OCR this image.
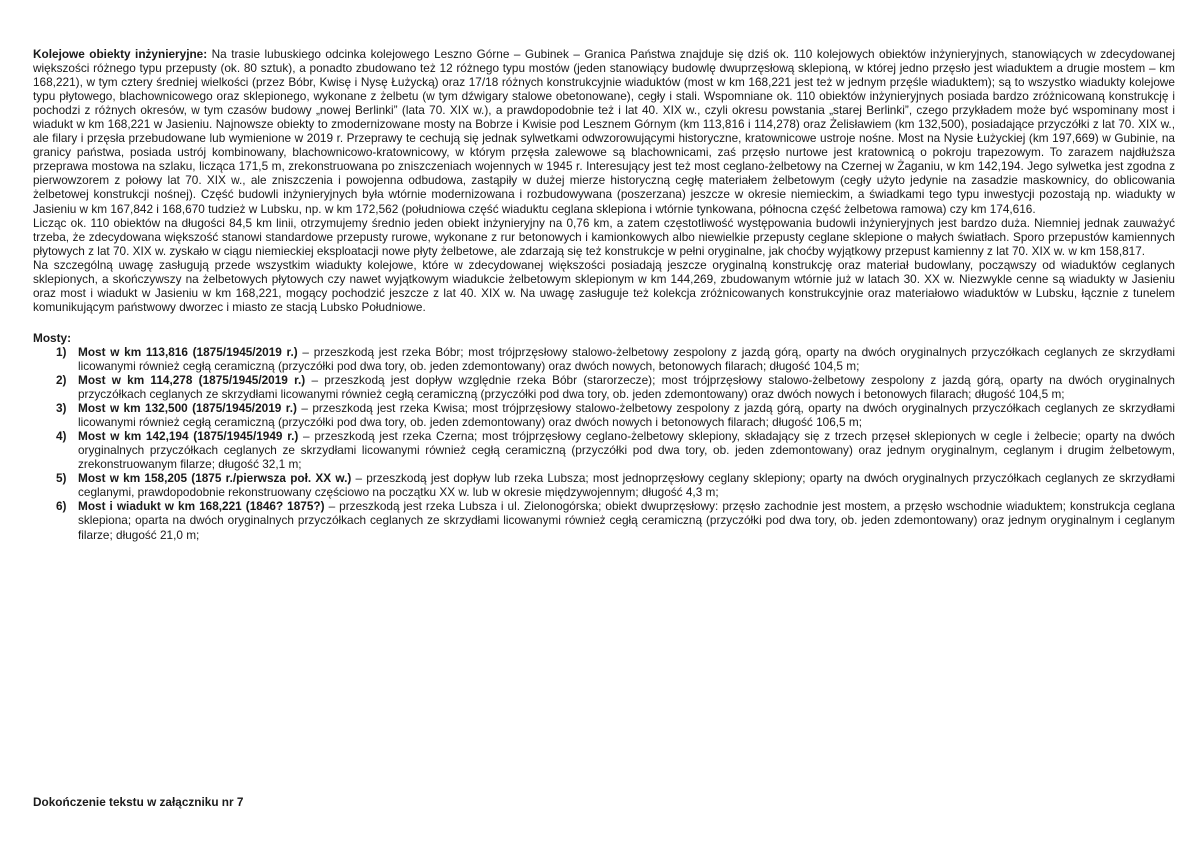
Kolejowe obiekty inżynieryjne: Na trasie lubuskiego odcinka kolejowego Leszno Górne – Gubinek – Granica Państwa znajduje się dziś ok. 110 kolejowych obiektów inżynieryjnych, stanowiących w zdecydowanej większości różnego typu przepusty (ok. 80 sztuk), a ponadto zbudowano też 12 różnego typu mostów (jeden stanowiący budowlę dwuprzęsłową sklepioną, w której jedno przęsło jest wiaduktem a drugie mostem – km 168,221), w tym cztery średniej wielkości (przez Bóbr, Kwisę i Nysę Łużycką) oraz 17/18 różnych konstrukcyjnie wiaduktów (most w km 168,221 jest też w jednym przęśle wiaduktem); są to wszystko wiadukty kolejowe typu płytowego, blachownicowego oraz sklepionego, wykonane z żelbetu (w tym dźwigary stalowe obetonowane), cegły i stali. Wspomniane ok. 110 obiektów inżynieryjnych posiada bardzo zróżnicowaną konstrukcję i pochodzi z różnych okresów, w tym czasów budowy „nowej Berlinki” (lata 70. XIX w.), a prawdopodobnie też i lat 40. XIX w., czyli okresu powstania „starej Berlinki”, czego przykładem może być wspominany most i wiadukt w km 168,221 w Jasieniu. Najnowsze obiekty to zmodernizowane mosty na Bobrze i Kwisie pod Lesznem Górnym (km 113,816 i 114,278) oraz Żelisławiem (km 132,500), posiadające przyczółki z lat 70. XIX w., ale filary i przęsła przebudowane lub wymienione w 2019 r. Przeprawy te cechują się jednak sylwetkami odwzorowującymi historyczne, kratownicowe ustroje nośne. Most na Nysie Łużyckiej (km 197,669) w Gubinie, na granicy państwa, posiada ustrój kombinowany, blachownicowo-kratownicowy, w którym przęsła zalewowe są blachownicami, zaś przęsło nurtowe jest kratownicą o pokroju trapezowym. To zarazem najdłuższa przeprawa mostowa na szlaku, licząca 171,5 m, zrekonstruowana po zniszczeniach wojennych w 1945 r. Interesujący jest też most ceglano-żelbetowy na Czernej w Żaganiu, w km 142,194. Jego sylwetka jest zgodna z pierwowzorem z połowy lat 70. XIX w., ale zniszczenia i powojenna odbudowa, zastąpiły w dużej mierze historyczną cegłę materiałem żelbetowym (cegły użyto jedynie na zasadzie maskownicy, do oblicowania żelbetowej konstrukcji nośnej). Część budowli inżynieryjnych była wtórnie modernizowana i rozbudowywana (poszerzana) jeszcze w okresie niemieckim, a świadkami tego typu inwestycji pozostają np. wiadukty w Jasieniu w km 167,842 i 168,670 tudzież w Lubsku, np. w km 172,562 (południowa część wiaduktu ceglana sklepiona i wtórnie tynkowana, północna część żelbetowa ramowa) czy km 174,616.

Licząc ok. 110 obiektów na długości 84,5 km linii, otrzymujemy średnio jeden obiekt inżynieryjny na 0,76 km, a zatem częstotliwość występowania budowli inżynieryjnych jest bardzo duża. Niemniej jednak zauważyć trzeba, że zdecydowana większość stanowi standardowe przepusty rurowe, wykonane z rur betonowych i kamionkowych albo niewielkie przepusty ceglane sklepione o małych światłach. Sporo przepustów kamiennych płytowych z lat 70. XIX w. zyskało w ciągu niemieckiej eksploatacji nowe płyty żelbetowe, ale zdarzają się też konstrukcje w pełni oryginalne, jak choćby wyjątkowy przepust kamienny z lat 70. XIX w. w km 158,817.

Na szczególną uwagę zasługują przede wszystkim wiadukty kolejowe, które w zdecydowanej większości posiadają jeszcze oryginalną konstrukcję oraz materiał budowlany, począwszy od wiaduktów ceglanych sklepionych, a skończywszy na żelbetowych płytowych czy nawet wyjątkowym wiadukcie żelbetowym sklepionym w km 144,269, zbudowanym wtórnie już w latach 30. XX w. Niezwykle cenne są wiadukty w Jasieniu oraz most i wiadukt w Jasieniu w km 168,221, mogący pochodzić jeszcze z lat 40. XIX w. Na uwagę zasługuje też kolekcja zróżnicowanych konstrukcyjnie oraz materiałowo wiaduktów w Lubsku, łącznie z tunelem komunikującym państwowy dworzec i miasto ze stacją Lubsko Południowe.

Mosty:

1) Most w km 113,816 (1875/1945/2019 r.) – przeszkodą jest rzeka Bóbr; most trójprzęsłowy stalowo-żelbetowy zespolony z jazdą górą, oparty na dwóch oryginalnych przyczółkach ceglanych ze skrzydłami licowanymi również cegłą ceramiczną (przyczółki pod dwa tory, ob. jeden zdemontowany) oraz dwóch nowych, betonowych filarach; długość 104,5 m;
2) Most w km 114,278 (1875/1945/2019 r.) – przeszkodą jest dopływ względnie rzeka Bóbr (starorzecze); most trójprzęsłowy stalowo-żelbetowy zespolony z jazdą górą, oparty na dwóch oryginalnych przyczółkach ceglanych ze skrzydłami licowanymi również cegłą ceramiczną (przyczółki pod dwa tory, ob. jeden zdemontowany) oraz dwóch nowych i betonowych filarach; długość 104,5 m;
3) Most w km 132,500 (1875/1945/2019 r.) – przeszkodą jest rzeka Kwisa; most trójprzęsłowy stalowo-żelbetowy zespolony z jazdą górą, oparty na dwóch oryginalnych przyczółkach ceglanych ze skrzydłami licowanymi również cegłą ceramiczną (przyczółki pod dwa tory, ob. jeden zdemontowany) oraz dwóch nowych i betonowych filarach; długość 106,5 m;
4) Most w km 142,194 (1875/1945/1949 r.) – przeszkodą jest rzeka Czerna; most trójprzęsłowy ceglano-żelbetowy sklepiony, składający się z trzech przęseł sklepionych w cegle i żelbecie; oparty na dwóch oryginalnych przyczółkach ceglanych ze skrzydłami licowanymi również cegłą ceramiczną (przyczółki pod dwa tory, ob. jeden zdemontowany) oraz jednym oryginalnym, ceglanym i drugim żelbetowym, zrekonstruowanym filarze; długość 32,1 m;
5) Most w km 158,205 (1875 r./pierwsza poł. XX w.) – przeszkodą jest dopływ lub rzeka Lubsza; most jednoprzęsłowy ceglany sklepiony; oparty na dwóch oryginalnych przyczółkach ceglanych ze skrzydłami ceglanymi, prawdopodobnie rekonstruowany częściowo na początku XX w. lub w okresie międzywojennym; długość 4,3 m;
6) Most i wiadukt w km 168,221 (1846? 1875?) – przeszkodą jest rzeka Lubsza i ul. Zielonogórska; obiekt dwuprzęsłowy: przęsło zachodnie jest mostem, a przęsło wschodnie wiaduktem; konstrukcja ceglana sklepiona; oparta na dwóch oryginalnych przyczółkach ceglanych ze skrzydłami licowanymi również cegłą ceramiczną (przyczółki pod dwa tory, ob. jeden zdemontowany) oraz jednym oryginalnym i ceglanym filarze; długość 21,0 m;

Dokończenie tekstu w załączniku nr 7
